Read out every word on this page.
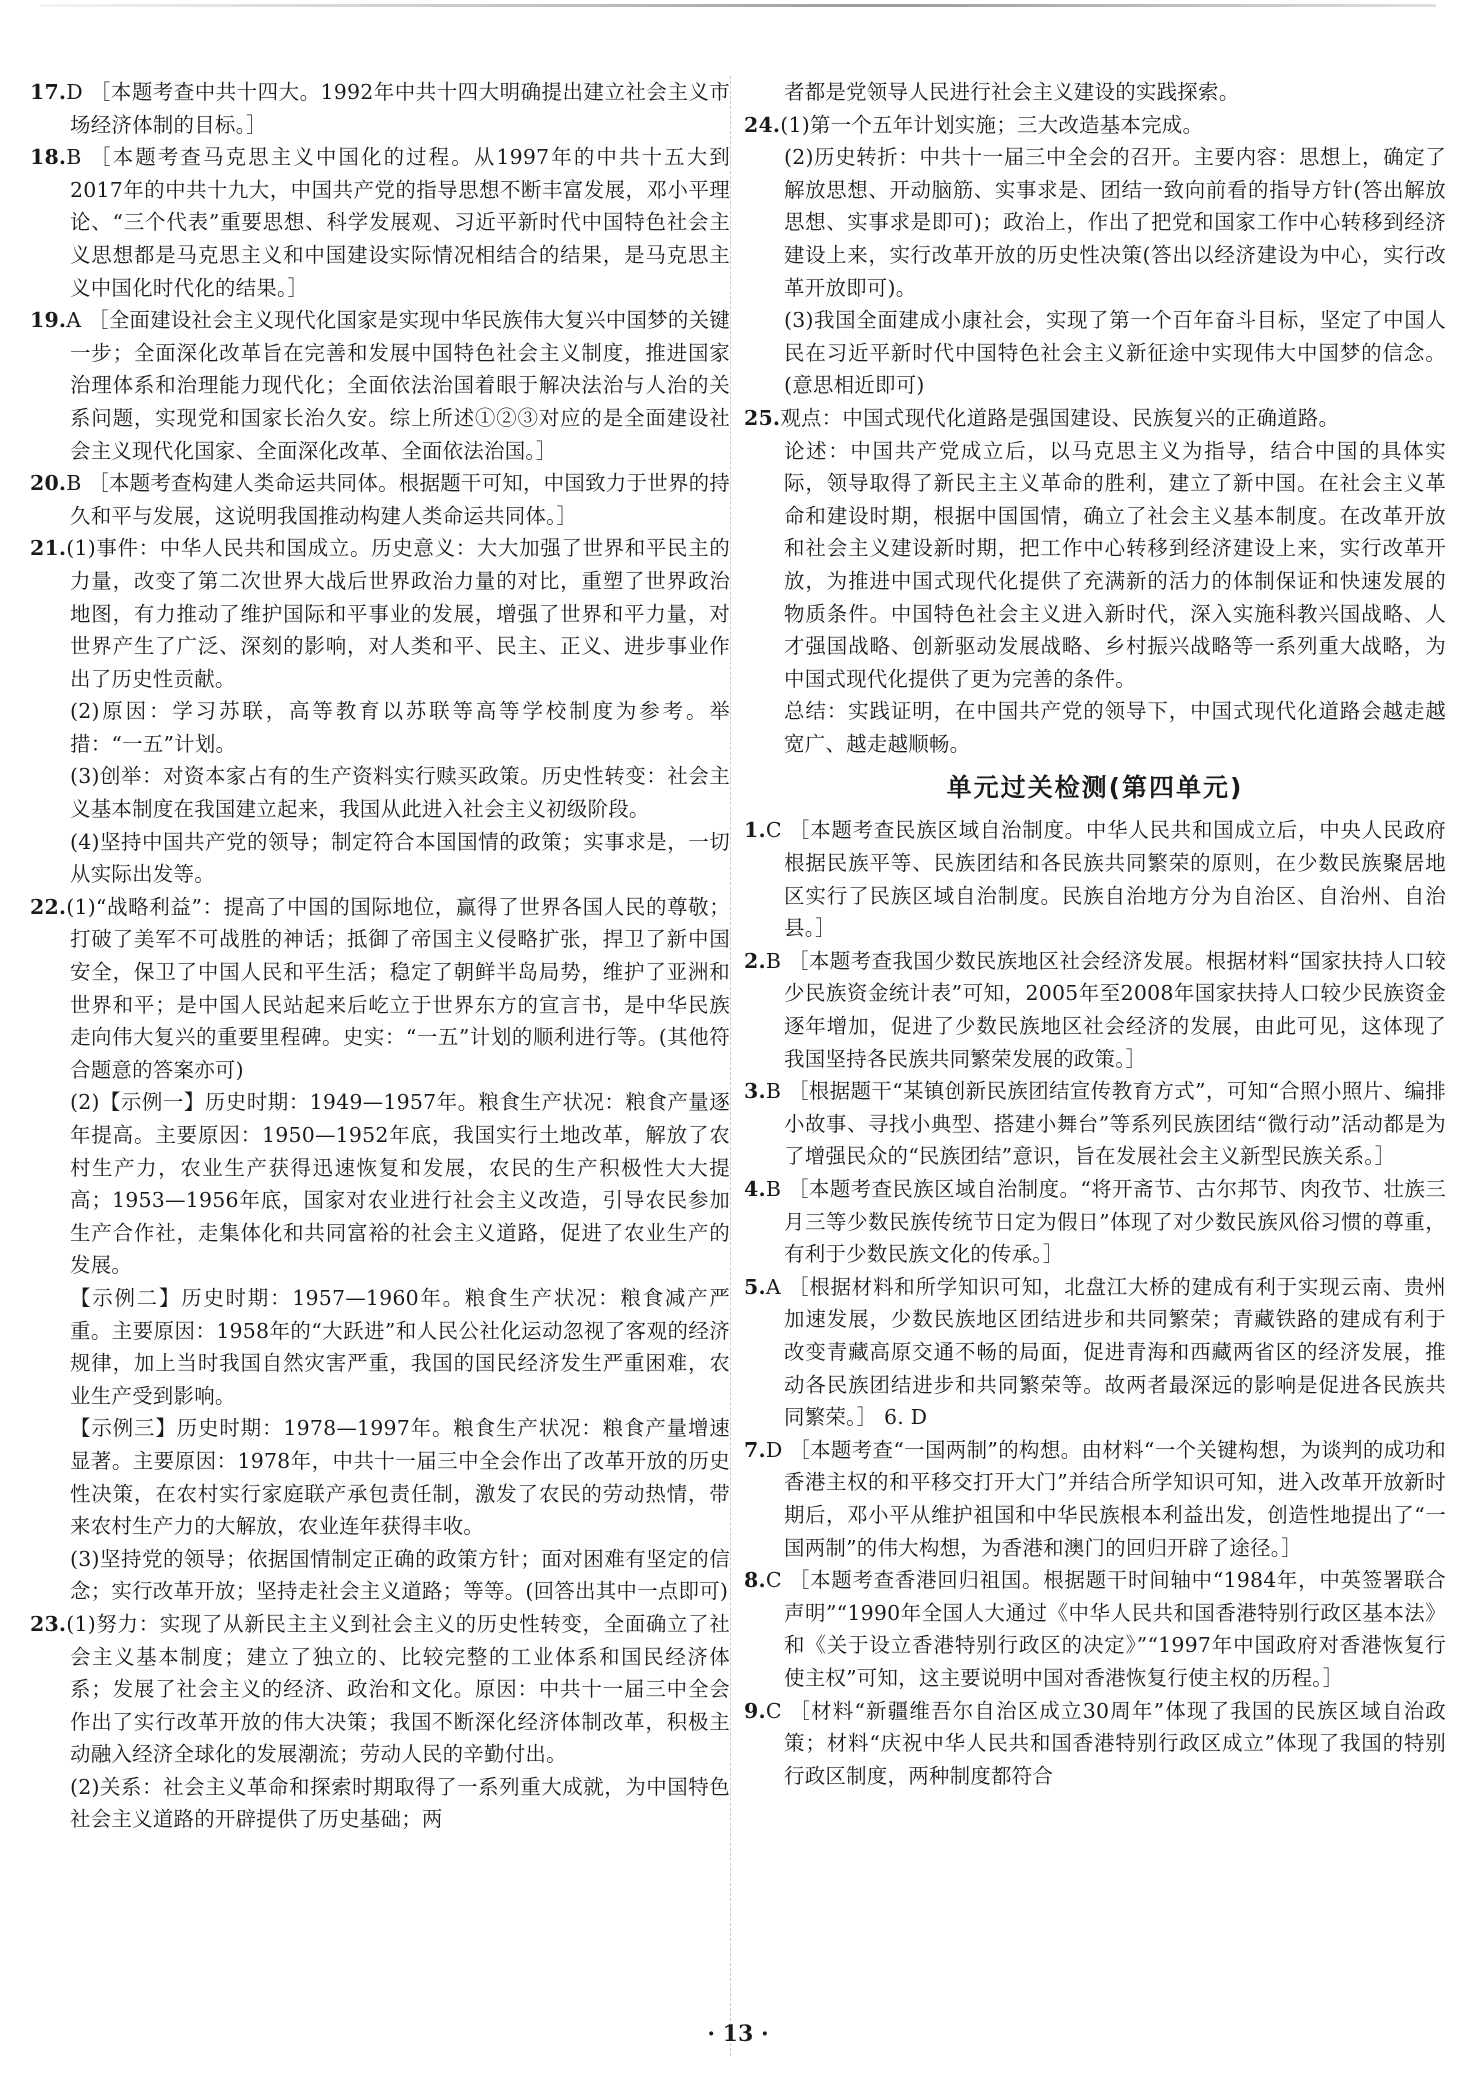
17.D ［本题考查中共十四大。1992年中共十四大明确提出建立社会主义市场经济体制的目标。］

18.B ［本题考查马克思主义中国化的过程。从1997年的中共十五大到2017年的中共十九大，中国共产党的指导思想不断丰富发展，邓小平理论、“三个代表”重要思想、科学发展观、习近平新时代中国特色社会主义思想都是马克思主义和中国建设实际情况相结合的结果，是马克思主义中国化时代化的结果。］

19.A ［全面建设社会主义现代化国家是实现中华民族伟大复兴中国梦的关键一步；全面深化改革旨在完善和发展中国特色社会主义制度，推进国家治理体系和治理能力现代化；全面依法治国着眼于解决法治与人治的关系问题，实现党和国家长治久安。综上所述①②③对应的是全面建设社会主义现代化国家、全面深化改革、全面依法治国。］

20.B ［本题考查构建人类命运共同体。根据题干可知，中国致力于世界的持久和平与发展，这说明我国推动构建人类命运共同体。］

21.(1)事件：中华人民共和国成立。历史意义：大大加强了世界和平民主的力量，改变了第二次世界大战后世界政治力量的对比，重塑了世界政治地图，有力推动了维护国际和平事业的发展，增强了世界和平力量，对世界产生了广泛、深刻的影响，对人类和平、民主、正义、进步事业作出了历史性贡献。

(2)原因：学习苏联，高等教育以苏联等高等学校制度为参考。举措：“一五”计划。

(3)创举：对资本家占有的生产资料实行赎买政策。历史性转变：社会主义基本制度在我国建立起来，我国从此进入社会主义初级阶段。

(4)坚持中国共产党的领导；制定符合本国国情的政策；实事求是，一切从实际出发等。

22.(1)“战略利益”：提高了中国的国际地位，赢得了世界各国人民的尊敬；打破了美军不可战胜的神话；抵御了帝国主义侵略扩张，捍卫了新中国安全，保卫了中国人民和平生活；稳定了朝鲜半岛局势，维护了亚洲和世界和平；是中国人民站起来后屹立于世界东方的宣言书，是中华民族走向伟大复兴的重要里程碑。史实：“一五”计划的顺利进行等。(其他符合题意的答案亦可)

(2)【示例一】历史时期：1949—1957年。粮食生产状况：粮食产量逐年提高。主要原因：1950—1952年底，我国实行土地改革，解放了农村生产力，农业生产获得迅速恢复和发展，农民的生产积极性大大提高；1953—1956年底，国家对农业进行社会主义改造，引导农民参加生产合作社，走集体化和共同富裕的社会主义道路，促进了农业生产的发展。

【示例二】历史时期：1957—1960年。粮食生产状况：粮食减产严重。主要原因：1958年的“大跃进”和人民公社化运动忽视了客观的经济规律，加上当时我国自然灾害严重，我国的国民经济发生严重困难，农业生产受到影响。

【示例三】历史时期：1978—1997年。粮食生产状况：粮食产量增速显著。主要原因：1978年，中共十一届三中全会作出了改革开放的历史性决策，在农村实行家庭联产承包责任制，激发了农民的劳动热情，带来农村生产力的大解放，农业连年获得丰收。

(3)坚持党的领导；依据国情制定正确的政策方针；面对困难有坚定的信念；实行改革开放；坚持走社会主义道路；等等。(回答出其中一点即可)

23.(1)努力：实现了从新民主主义到社会主义的历史性转变，全面确立了社会主义基本制度；建立了独立的、比较完整的工业体系和国民经济体系；发展了社会主义的经济、政治和文化。原因：中共十一届三中全会作出了实行改革开放的伟大决策；我国不断深化经济体制改革，积极主动融入经济全球化的发展潮流；劳动人民的辛勤付出。

(2)关系：社会主义革命和探索时期取得了一系列重大成就，为中国特色社会主义道路的开辟提供了历史基础；两

者都是党领导人民进行社会主义建设的实践探索。

24.(1)第一个五年计划实施；三大改造基本完成。

(2)历史转折：中共十一届三中全会的召开。主要内容：思想上，确定了解放思想、开动脑筋、实事求是、团结一致向前看的指导方针(答出解放思想、实事求是即可)；政治上，作出了把党和国家工作中心转移到经济建设上来，实行改革开放的历史性决策(答出以经济建设为中心，实行改革开放即可)。

(3)我国全面建成小康社会，实现了第一个百年奋斗目标，坚定了中国人民在习近平新时代中国特色社会主义新征途中实现伟大中国梦的信念。(意思相近即可)

25.观点：中国式现代化道路是强国建设、民族复兴的正确道路。

论述：中国共产党成立后，以马克思主义为指导，结合中国的具体实际，领导取得了新民主主义革命的胜利，建立了新中国。在社会主义革命和建设时期，根据中国国情，确立了社会主义基本制度。在改革开放和社会主义建设新时期，把工作中心转移到经济建设上来，实行改革开放，为推进中国式现代化提供了充满新的活力的体制保证和快速发展的物质条件。中国特色社会主义进入新时代，深入实施科教兴国战略、人才强国战略、创新驱动发展战略、乡村振兴战略等一系列重大战略，为中国式现代化提供了更为完善的条件。

总结：实践证明，在中国共产党的领导下，中国式现代化道路会越走越宽广、越走越顺畅。

单元过关检测(第四单元)

1.C ［本题考查民族区域自治制度。中华人民共和国成立后，中央人民政府根据民族平等、民族团结和各民族共同繁荣的原则，在少数民族聚居地区实行了民族区域自治制度。民族自治地方分为自治区、自治州、自治县。］

2.B ［本题考查我国少数民族地区社会经济发展。根据材料“国家扶持人口较少民族资金统计表”可知，2005年至2008年国家扶持人口较少民族资金逐年增加，促进了少数民族地区社会经济的发展，由此可见，这体现了我国坚持各民族共同繁荣发展的政策。］

3.B ［根据题干“某镇创新民族团结宣传教育方式”，可知“合照小照片、编排小故事、寻找小典型、搭建小舞台”等系列民族团结“微行动”活动都是为了增强民众的“民族团结”意识，旨在发展社会主义新型民族关系。］

4.B ［本题考查民族区域自治制度。“将开斋节、古尔邦节、肉孜节、壮族三月三等少数民族传统节日定为假日”体现了对少数民族风俗习惯的尊重，有利于少数民族文化的传承。］

5.A ［根据材料和所学知识可知，北盘江大桥的建成有利于实现云南、贵州加速发展，少数民族地区团结进步和共同繁荣；青藏铁路的建成有利于改变青藏高原交通不畅的局面，促进青海和西藏两省区的经济发展，推动各民族团结进步和共同繁荣等。故两者最深远的影响是促进各民族共同繁荣。］ 6. D

7.D ［本题考查“一国两制”的构想。由材料“一个关键构想，为谈判的成功和香港主权的和平移交打开大门”并结合所学知识可知，进入改革开放新时期后，邓小平从维护祖国和中华民族根本利益出发，创造性地提出了“一国两制”的伟大构想，为香港和澳门的回归开辟了途径。］

8.C ［本题考查香港回归祖国。根据题干时间轴中“1984年，中英签署联合声明”“1990年全国人大通过《中华人民共和国香港特别行政区基本法》和《关于设立香港特别行政区的决定》”“1997年中国政府对香港恢复行使主权”可知，这主要说明中国对香港恢复行使主权的历程。］

9.C ［材料“新疆维吾尔自治区成立30周年”体现了我国的民族区域自治政策；材料“庆祝中华人民共和国香港特别行政区成立”体现了我国的特别行政区制度，两种制度都符合

· 13 ·
